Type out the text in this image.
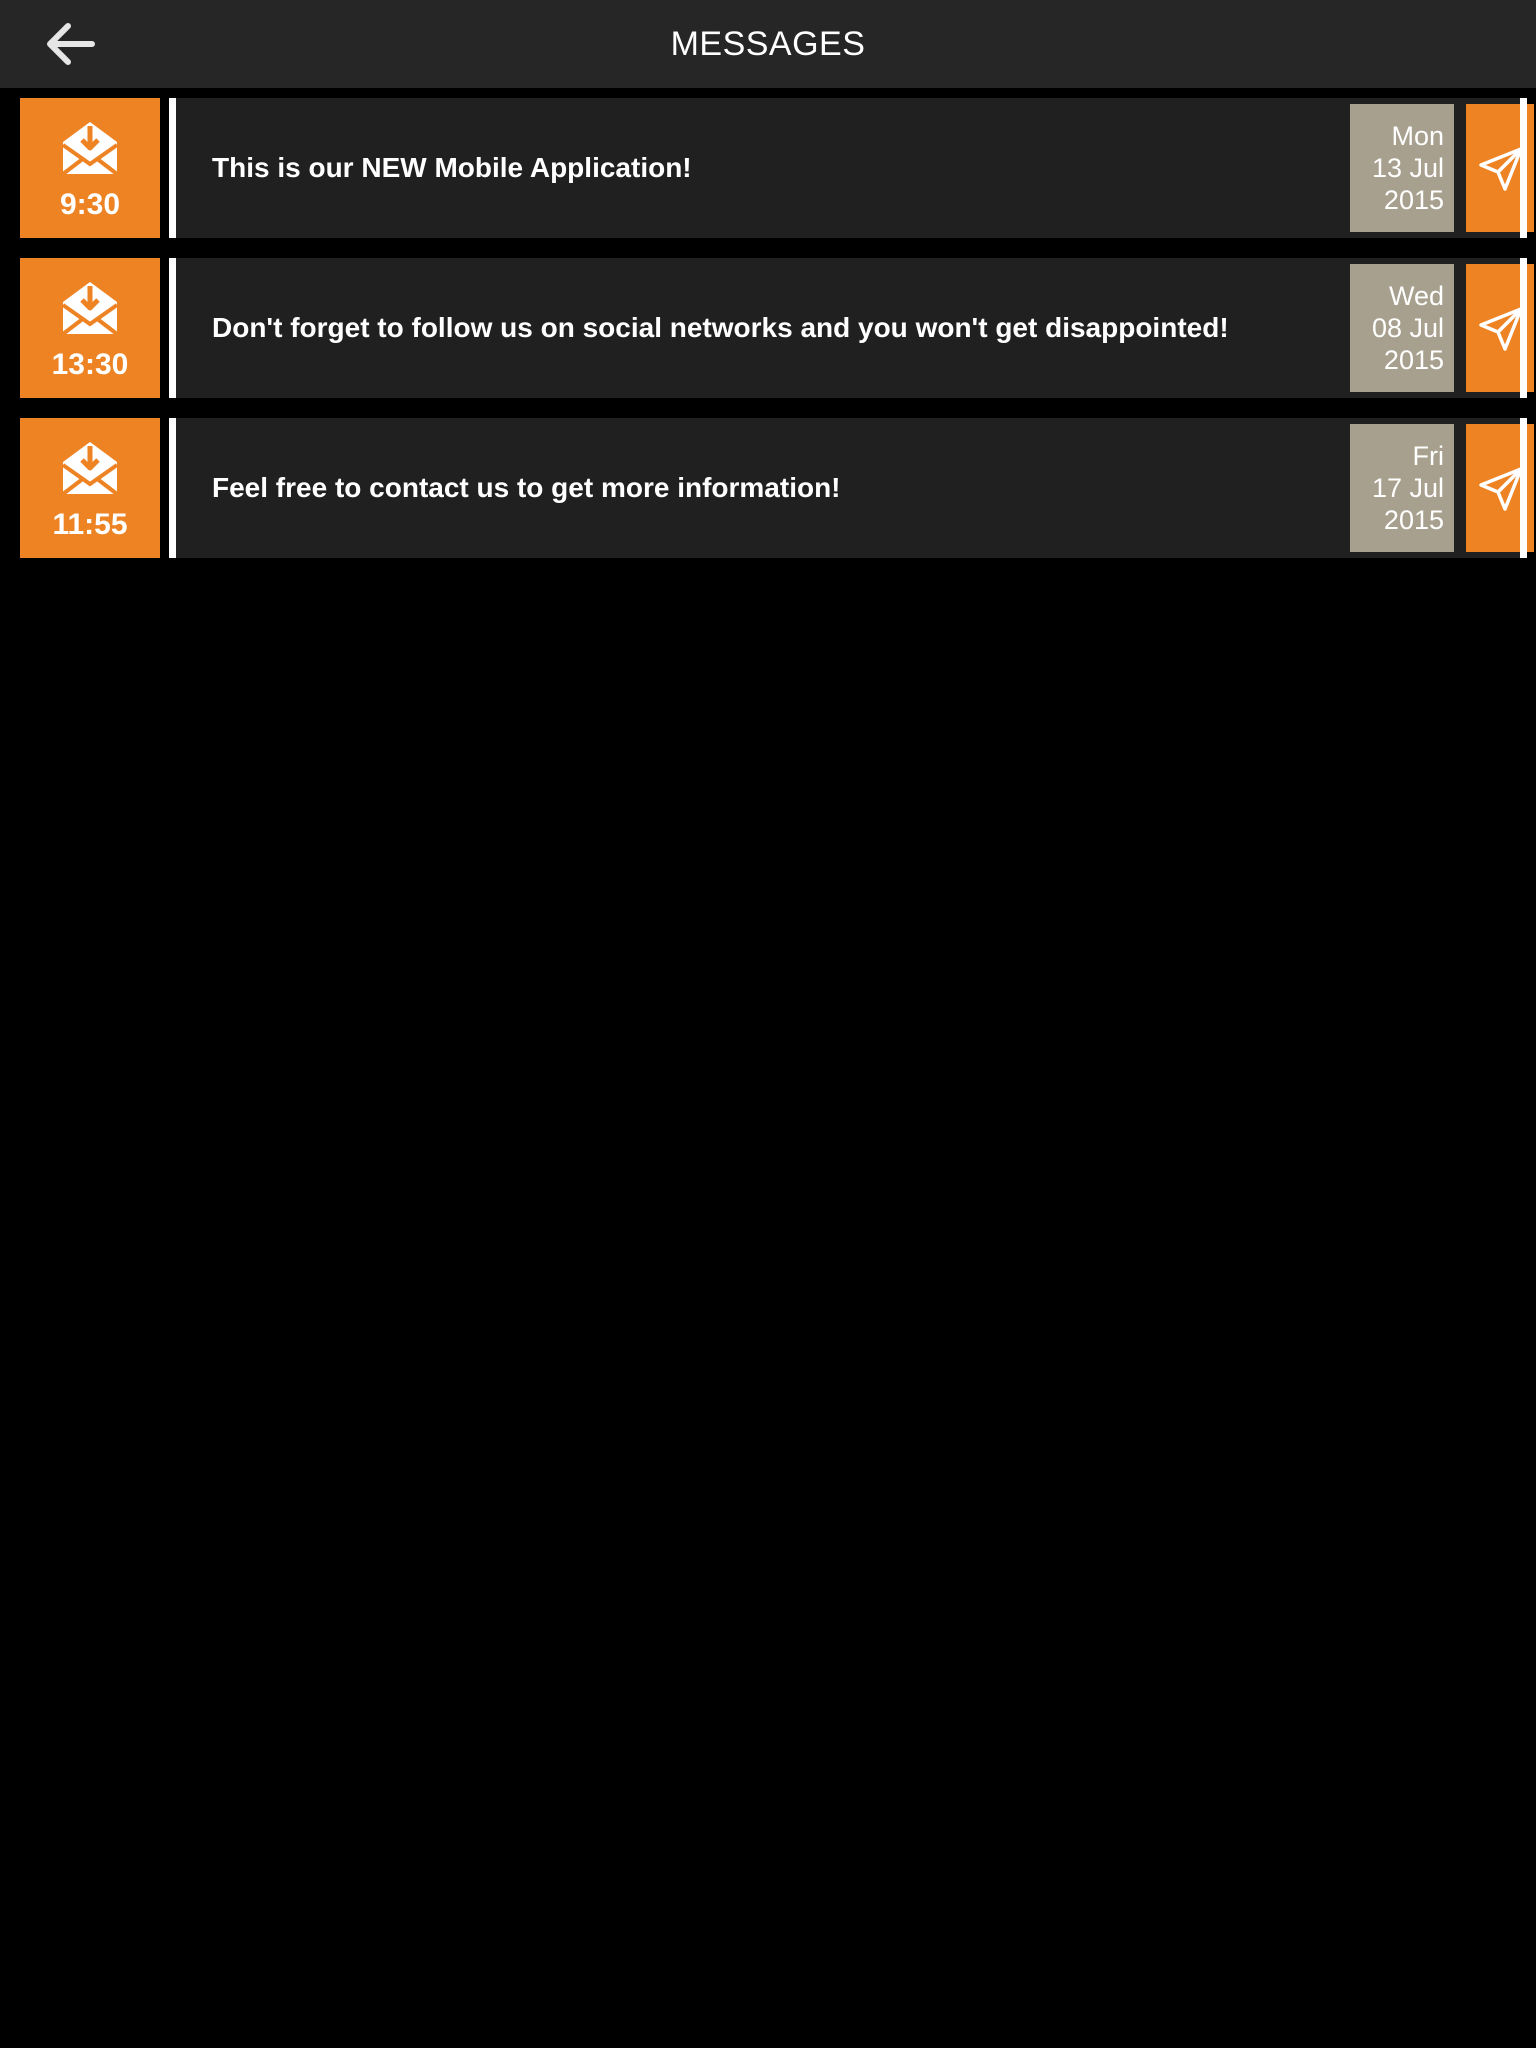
MESSAGES
9:30
This is our NEW Mobile Application!
Mon
13 Jul
2015
13:30
Don't forget to follow us on social networks and you won't get disappointed!
Wed
08 Jul
2015
11:55
Feel free to contact us to get more information!
Fri
17 Jul
2015
